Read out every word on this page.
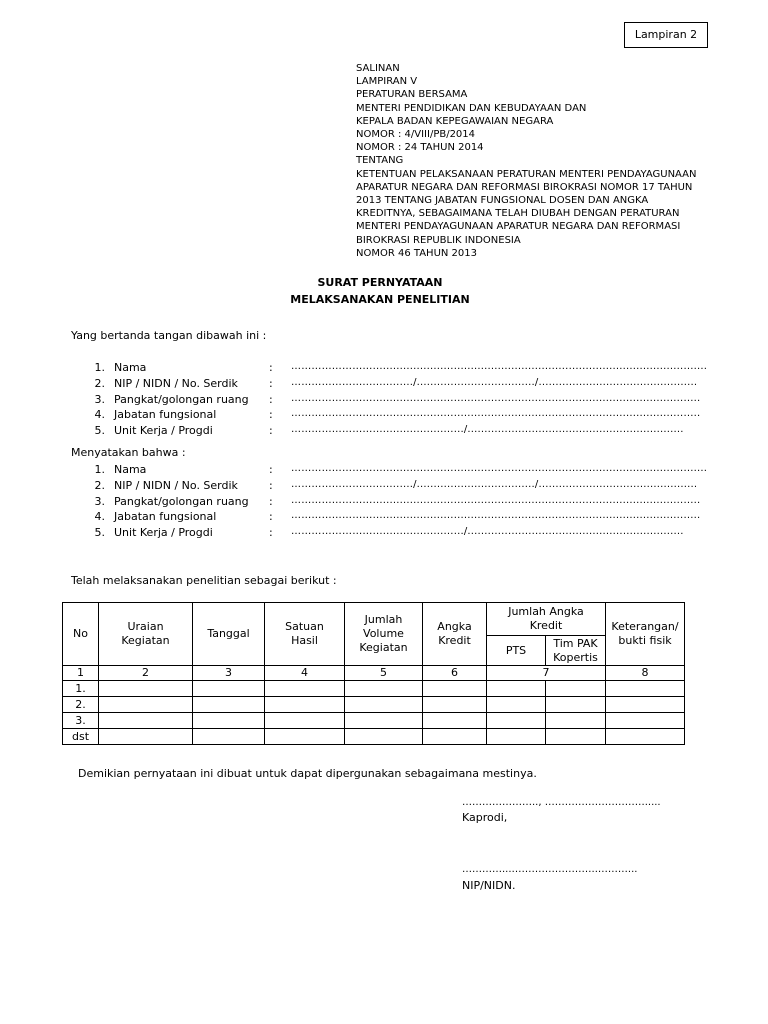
Lampiran 2
SALINAN
LAMPIRAN V
PERATURAN BERSAMA
MENTERI PENDIDIKAN DAN KEBUDAYAAN DAN
KEPALA BADAN KEPEGAWAIAN NEGARA
NOMOR : 4/VIII/PB/2014
NOMOR : 24 TAHUN 2014
TENTANG
KETENTUAN PELAKSANAAN PERATURAN MENTERI PENDAYAGUNAAN
APARATUR NEGARA DAN REFORMASI BIROKRASI NOMOR 17 TAHUN
2013 TENTANG JABATAN FUNGSIONAL DOSEN DAN ANGKA
KREDITNYA, SEBAGAIMANA TELAH DIUBAH DENGAN PERATURAN
MENTERI PENDAYAGUNAAN APARATUR NEGARA DAN REFORMASI
BIROKRASI REPUBLIK INDONESIA
NOMOR 46 TAHUN 2013
SURAT PERNYATAAN
MELAKSANAKAN PENELITIAN
Yang bertanda tangan dibawah ini :
1. Nama	: ……………………...................................................................................................
2. NIP / NIDN / No. Serdik	: ………………….............../.................................../...............................................
3. Pangkat/golongan ruang : …………………….................................................................................................
4. Jabatan fungsional	: …………………….................................................................................................
5. Unit Kerja / Progdi	: …………………….........................../................................................................
Menyatakan bahwa :
1. Nama	: ……………………...................................................................................................
2. NIP / NIDN / No. Serdik	: ………………….............../.................................../...............................................
3. Pangkat/golongan ruang : …………………….................................................................................................
4. Jabatan fungsional	: …………………….................................................................................................
5. Unit Kerja / Progdi	: …………………….........................../................................................................
Telah melaksanakan penelitian sebagai berikut :
No	Uraian Kegiatan	Tanggal	Satuan Hasil	Jumlah Volume Kegiatan	Angka Kredit	Jumlah Angka Kredit		Keterangan/ bukti fisik
						PTS	Tim PAK Kopertis	
1	2	3	4	5	6	7		8
1.								
2.								
3.								
dst								
Demikian pernyataan ini dibuat untuk dapat dipergunakan sebagaimana mestinya.
………………….., ………………………….....
Kaprodi,
…………...……………………..………...
NIP/NIDN.
